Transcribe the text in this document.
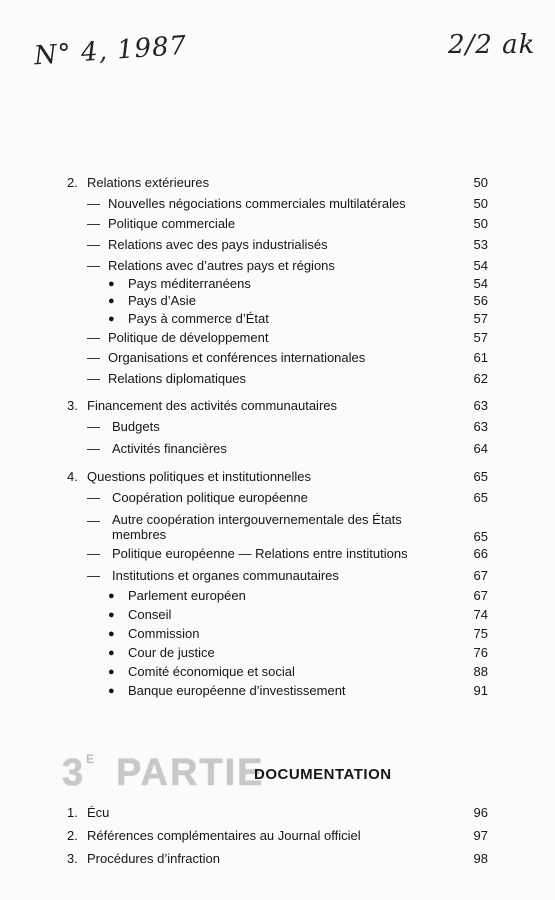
N° 4, 1987	2/2 ak
2. Relations extérieures	50
— Nouvelles négociations commerciales multilatérales	50
— Politique commerciale	50
— Relations avec des pays industrialisés	53
— Relations avec d’autres pays et régions	54
● Pays méditerranéens	54
● Pays d’Asie	56
● Pays à commerce d’État	57
— Politique de développement	57
— Organisations et conférences internationales	61
— Relations diplomatiques	62
3. Financement des activités communautaires	63
— Budgets	63
— Activités financières	64
4. Questions politiques et institutionnelles	65
— Coopération politique européenne	65
— Autre coopération intergouvernementale des États membres	65
— Politique européenne — Relations entre institutions	66
— Institutions et organes communautaires	67
● Parlement européen	67
● Conseil	74
● Commission	75
● Cour de justice	76
● Comité économique et social	88
● Banque européenne d’investissement	91
3 E PARTIE
DOCUMENTATION
1. Écu	96
2. Références complémentaires au Journal officiel	97
3. Procédures d’infraction	98
